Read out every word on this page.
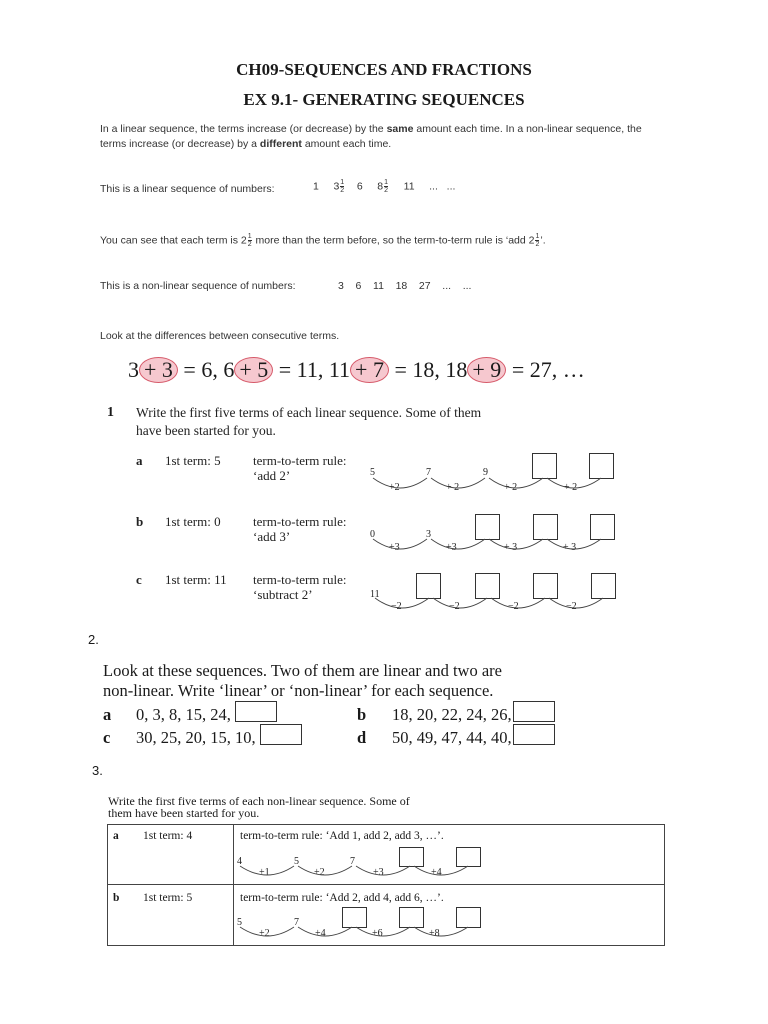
CH09-SEQUENCES AND FRACTIONS
EX 9.1- GENERATING SEQUENCES
In a linear sequence, the terms increase (or decrease) by the same amount each time. In a non-linear sequence, the
terms increase (or decrease) by a different amount each time.
This is a linear sequence of numbers:	1 $3 \frac{1}{2} 6$ $8 \frac{1}{2} 11$ ... ...
You can see that each term is $2 \frac{1}{2}$ more than the term before, so the term-to-term rule is ‘add $2 \frac{1}{2}$ ’.
This is a non-linear sequence of numbers:	3    6    11    18    27    ...    ...
Look at the differences between consecutive terms.
3 + 3 = 6, 6 + 5 = 11, 11 + 7 = 18, 18 + 9 = 27, …
1 Write the first five terms of each linear sequence. Some of them
have been started for you.
a 1st term: 5 term-to-term rule:
‘add 2’
b 1st term: 0 term-to-term rule:
‘add 3’
c 1st term: 11 term-to-term rule:
‘subtract 2’
5	7	9
+2	+ 2	+ 2	+ 2
0	3
+3	+3	+ 3	+ 3
11
−2	−2	−2	−2
2.
Look at these sequences. Two of them are linear and two are
non-linear. Write ‘linear’ or ‘non-linear’ for each sequence.
a 0, 3, 8, 15, 24,	b 18, 20, 22, 24, 26,
c 30, 25, 20, 15, 10,	d 50, 49, 47, 44, 40,
3.
Write the first five terms of each non-linear sequence. Some of
them have been started for you.
a 1st term: 4	term-to-term rule: ‘Add 1, add 2, add 3, …’.

b 1st term: 5	term-to-term rule: ‘Add 2, add 4, add 6, …’.
4	5	7
+1	+2	+3	+4
5	7
+2	+4	+6	+8
